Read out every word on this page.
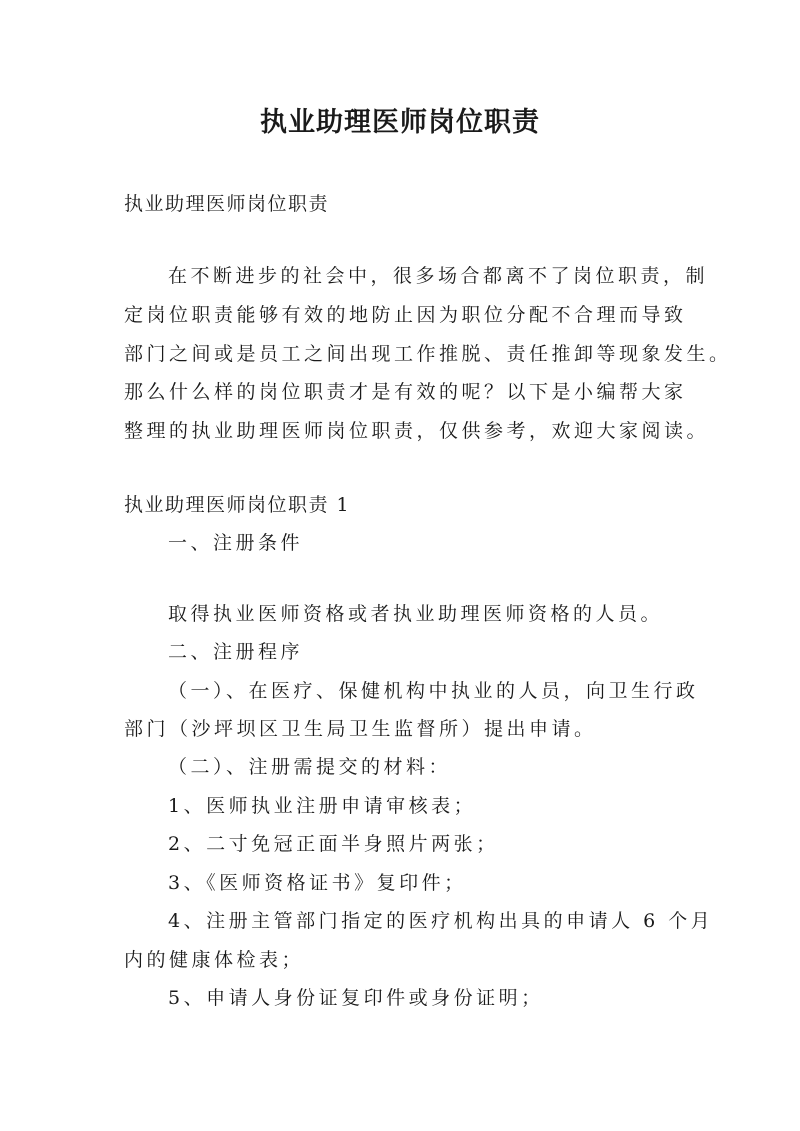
执业助理医师岗位职责
执业助理医师岗位职责
在不断进步的社会中，很多场合都离不了岗位职责，制
定岗位职责能够有效的地防止因为职位分配不合理而导致
部门之间或是员工之间出现工作推脱、责任推卸等现象发生。
那么什么样的岗位职责才是有效的呢？以下是小编帮大家
整理的执业助理医师岗位职责，仅供参考，欢迎大家阅读。
执业助理医师岗位职责 1
一、注册条件
取得执业医师资格或者执业助理医师资格的人员。
二、注册程序
（一）、在医疗、保健机构中执业的人员，向卫生行政
部门（沙坪坝区卫生局卫生监督所）提出申请。
（二）、注册需提交的材料：
1、医师执业注册申请审核表；
2、二寸免冠正面半身照片两张；
3、《医师资格证书》复印件；
4、注册主管部门指定的医疗机构出具的申请人 6 个月
内的健康体检表；
5、申请人身份证复印件或身份证明；
